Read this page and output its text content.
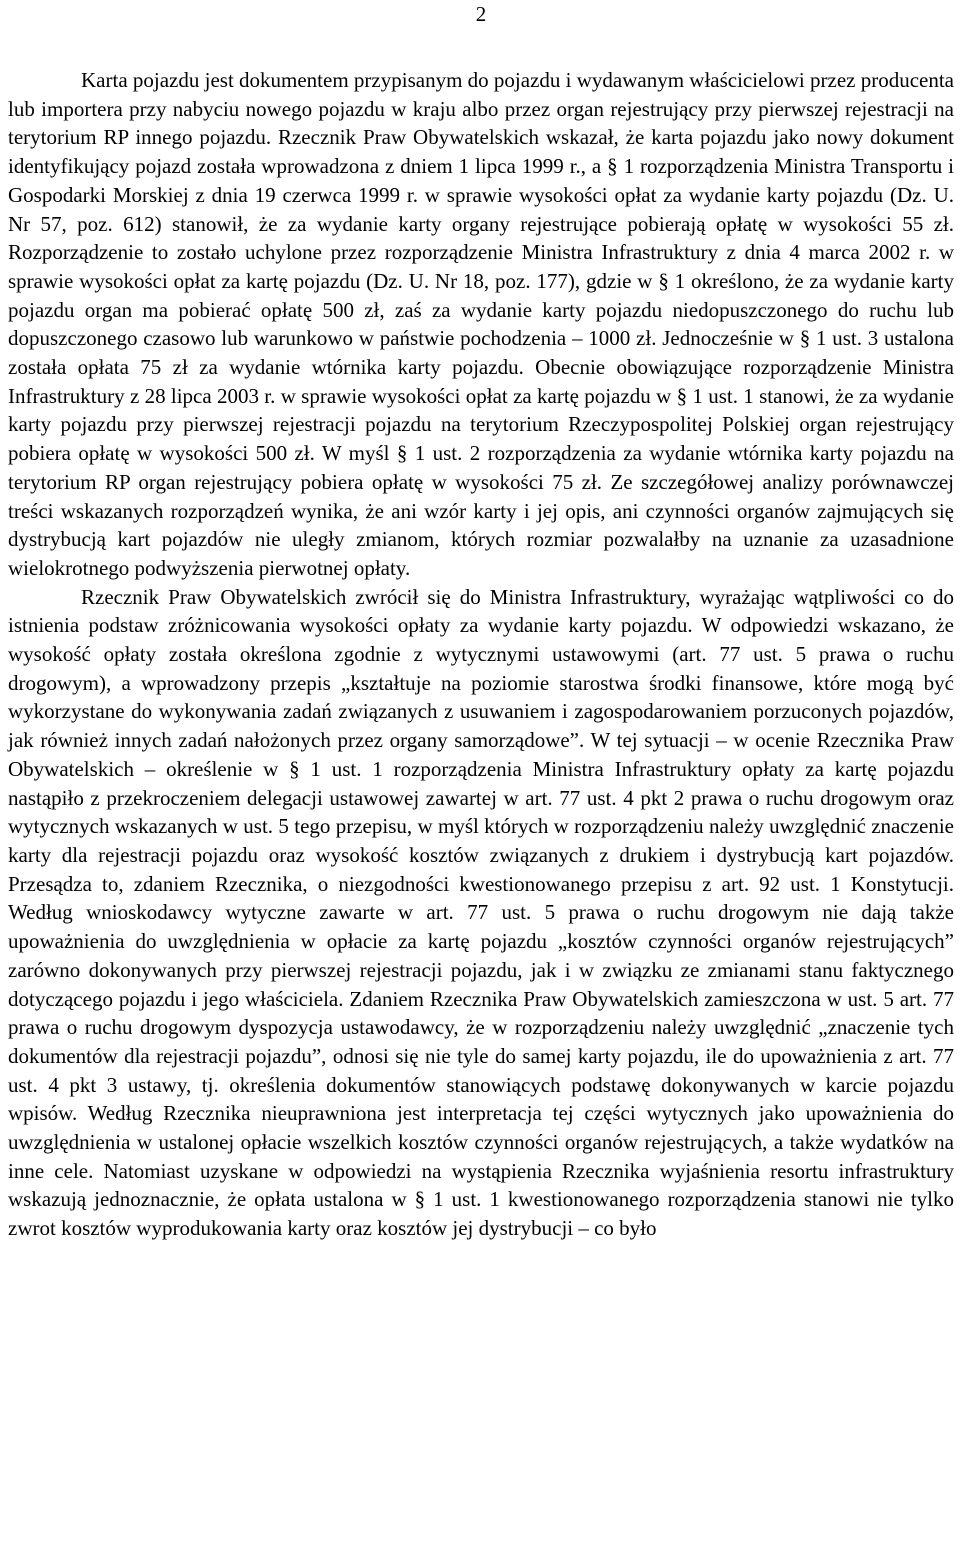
2

Karta pojazdu jest dokumentem przypisanym do pojazdu i wydawanym właścicielowi przez producenta lub importera przy nabyciu nowego pojazdu w kraju albo przez organ rejestrujący przy pierwszej rejestracji na terytorium RP innego pojazdu. Rzecznik Praw Obywatelskich wskazał, że karta pojazdu jako nowy dokument identyfikujący pojazd została wprowadzona z dniem 1 lipca 1999 r., a § 1 rozporządzenia Ministra Transportu i Gospodarki Morskiej z dnia 19 czerwca 1999 r. w sprawie wysokości opłat za wydanie karty pojazdu (Dz. U. Nr 57, poz. 612) stanowił, że za wydanie karty organy rejestrujące pobierają opłatę w wysokości 55 zł. Rozporządzenie to zostało uchylone przez rozporządzenie Ministra Infrastruktury z dnia 4 marca 2002 r. w sprawie wysokości opłat za kartę pojazdu (Dz. U. Nr 18, poz. 177), gdzie w § 1 określono, że za wydanie karty pojazdu organ ma pobierać opłatę 500 zł, zaś za wydanie karty pojazdu niedopuszczonego do ruchu lub dopuszczonego czasowo lub warunkowo w państwie pochodzenia – 1000 zł. Jednocześnie w § 1 ust. 3 ustalona została opłata 75 zł za wydanie wtórnika karty pojazdu. Obecnie obowiązujące rozporządzenie Ministra Infrastruktury z 28 lipca 2003 r. w sprawie wysokości opłat za kartę pojazdu w § 1 ust. 1 stanowi, że za wydanie karty pojazdu przy pierwszej rejestracji pojazdu na terytorium Rzeczypospolitej Polskiej organ rejestrujący pobiera opłatę w wysokości 500 zł. W myśl § 1 ust. 2 rozporządzenia za wydanie wtórnika karty pojazdu na terytorium RP organ rejestrujący pobiera opłatę w wysokości 75 zł. Ze szczegółowej analizy porównawczej treści wskazanych rozporządzeń wynika, że ani wzór karty i jej opis, ani czynności organów zajmujących się dystrybucją kart pojazdów nie uległy zmianom, których rozmiar pozwalałby na uznanie za uzasadnione wielokrotnego podwyższenia pierwotnej opłaty.

Rzecznik Praw Obywatelskich zwrócił się do Ministra Infrastruktury, wyrażając wątpliwości co do istnienia podstaw zróżnicowania wysokości opłaty za wydanie karty pojazdu. W odpowiedzi wskazano, że wysokość opłaty została określona zgodnie z wytycznymi ustawowymi (art. 77 ust. 5 prawa o ruchu drogowym), a wprowadzony przepis „kształtuje na poziomie starostwa środki finansowe, które mogą być wykorzystane do wykonywania zadań związanych z usuwaniem i zagospodarowaniem porzuconych pojazdów, jak również innych zadań nałożonych przez organy samorządowe”. W tej sytuacji – w ocenie Rzecznika Praw Obywatelskich – określenie w § 1 ust. 1 rozporządzenia Ministra Infrastruktury opłaty za kartę pojazdu nastąpiło z przekroczeniem delegacji ustawowej zawartej w art. 77 ust. 4 pkt 2 prawa o ruchu drogowym oraz wytycznych wskazanych w ust. 5 tego przepisu, w myśl których w rozporządzeniu należy uwzględnić znaczenie karty dla rejestracji pojazdu oraz wysokość kosztów związanych z drukiem i dystrybucją kart pojazdów. Przesądza to, zdaniem Rzecznika, o niezgodności kwestionowanego przepisu z art. 92 ust. 1 Konstytucji. Według wnioskodawcy wytyczne zawarte w art. 77 ust. 5 prawa o ruchu drogowym nie dają także upoważnienia do uwzględnienia w opłacie za kartę pojazdu „kosztów czynności organów rejestrujących” zarówno dokonywanych przy pierwszej rejestracji pojazdu, jak i w związku ze zmianami stanu faktycznego dotyczącego pojazdu i jego właściciela. Zdaniem Rzecznika Praw Obywatelskich zamieszczona w ust. 5 art. 77 prawa o ruchu drogowym dyspozycja ustawodawcy, że w rozporządzeniu należy uwzględnić „znaczenie tych dokumentów dla rejestracji pojazdu”, odnosi się nie tyle do samej karty pojazdu, ile do upoważnienia z art. 77 ust. 4 pkt 3 ustawy, tj. określenia dokumentów stanowiących podstawę dokonywanych w karcie pojazdu wpisów. Według Rzecznika nieuprawniona jest interpretacja tej części wytycznych jako upoważnienia do uwzględnienia w ustalonej opłacie wszelkich kosztów czynności organów rejestrujących, a także wydatków na inne cele. Natomiast uzyskane w odpowiedzi na wystąpienia Rzecznika wyjaśnienia resortu infrastruktury wskazują jednoznacznie, że opłata ustalona w § 1 ust. 1 kwestionowanego rozporządzenia stanowi nie tylko zwrot kosztów wyprodukowania karty oraz kosztów jej dystrybucji – co było
